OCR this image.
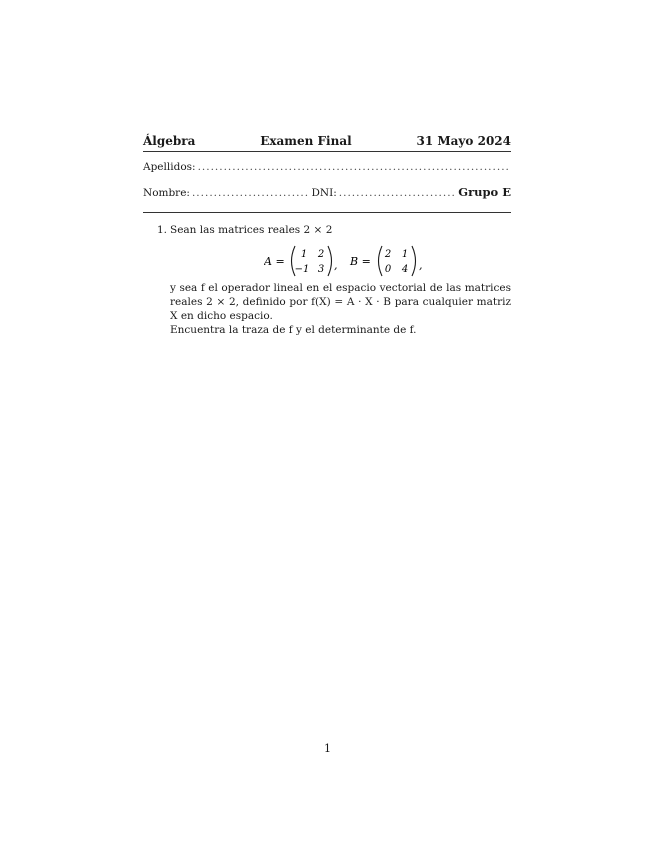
Álgebra	Examen Final	31 Mayo 2024
Apellidos:
.....
Nombre: .....	DNI: .....	Grupo E
1. Sean las matrices reales 2 × 2
A =
1 2
−1 3 , B =
2 1
0 4 ,
y sea f el operador lineal en el espacio vectorial de las matrices reales 2 × 2, definido por f(X) = A · X · B para cualquier matriz X en dicho espacio.
Encuentra la traza de f y el determinante de f.
1
